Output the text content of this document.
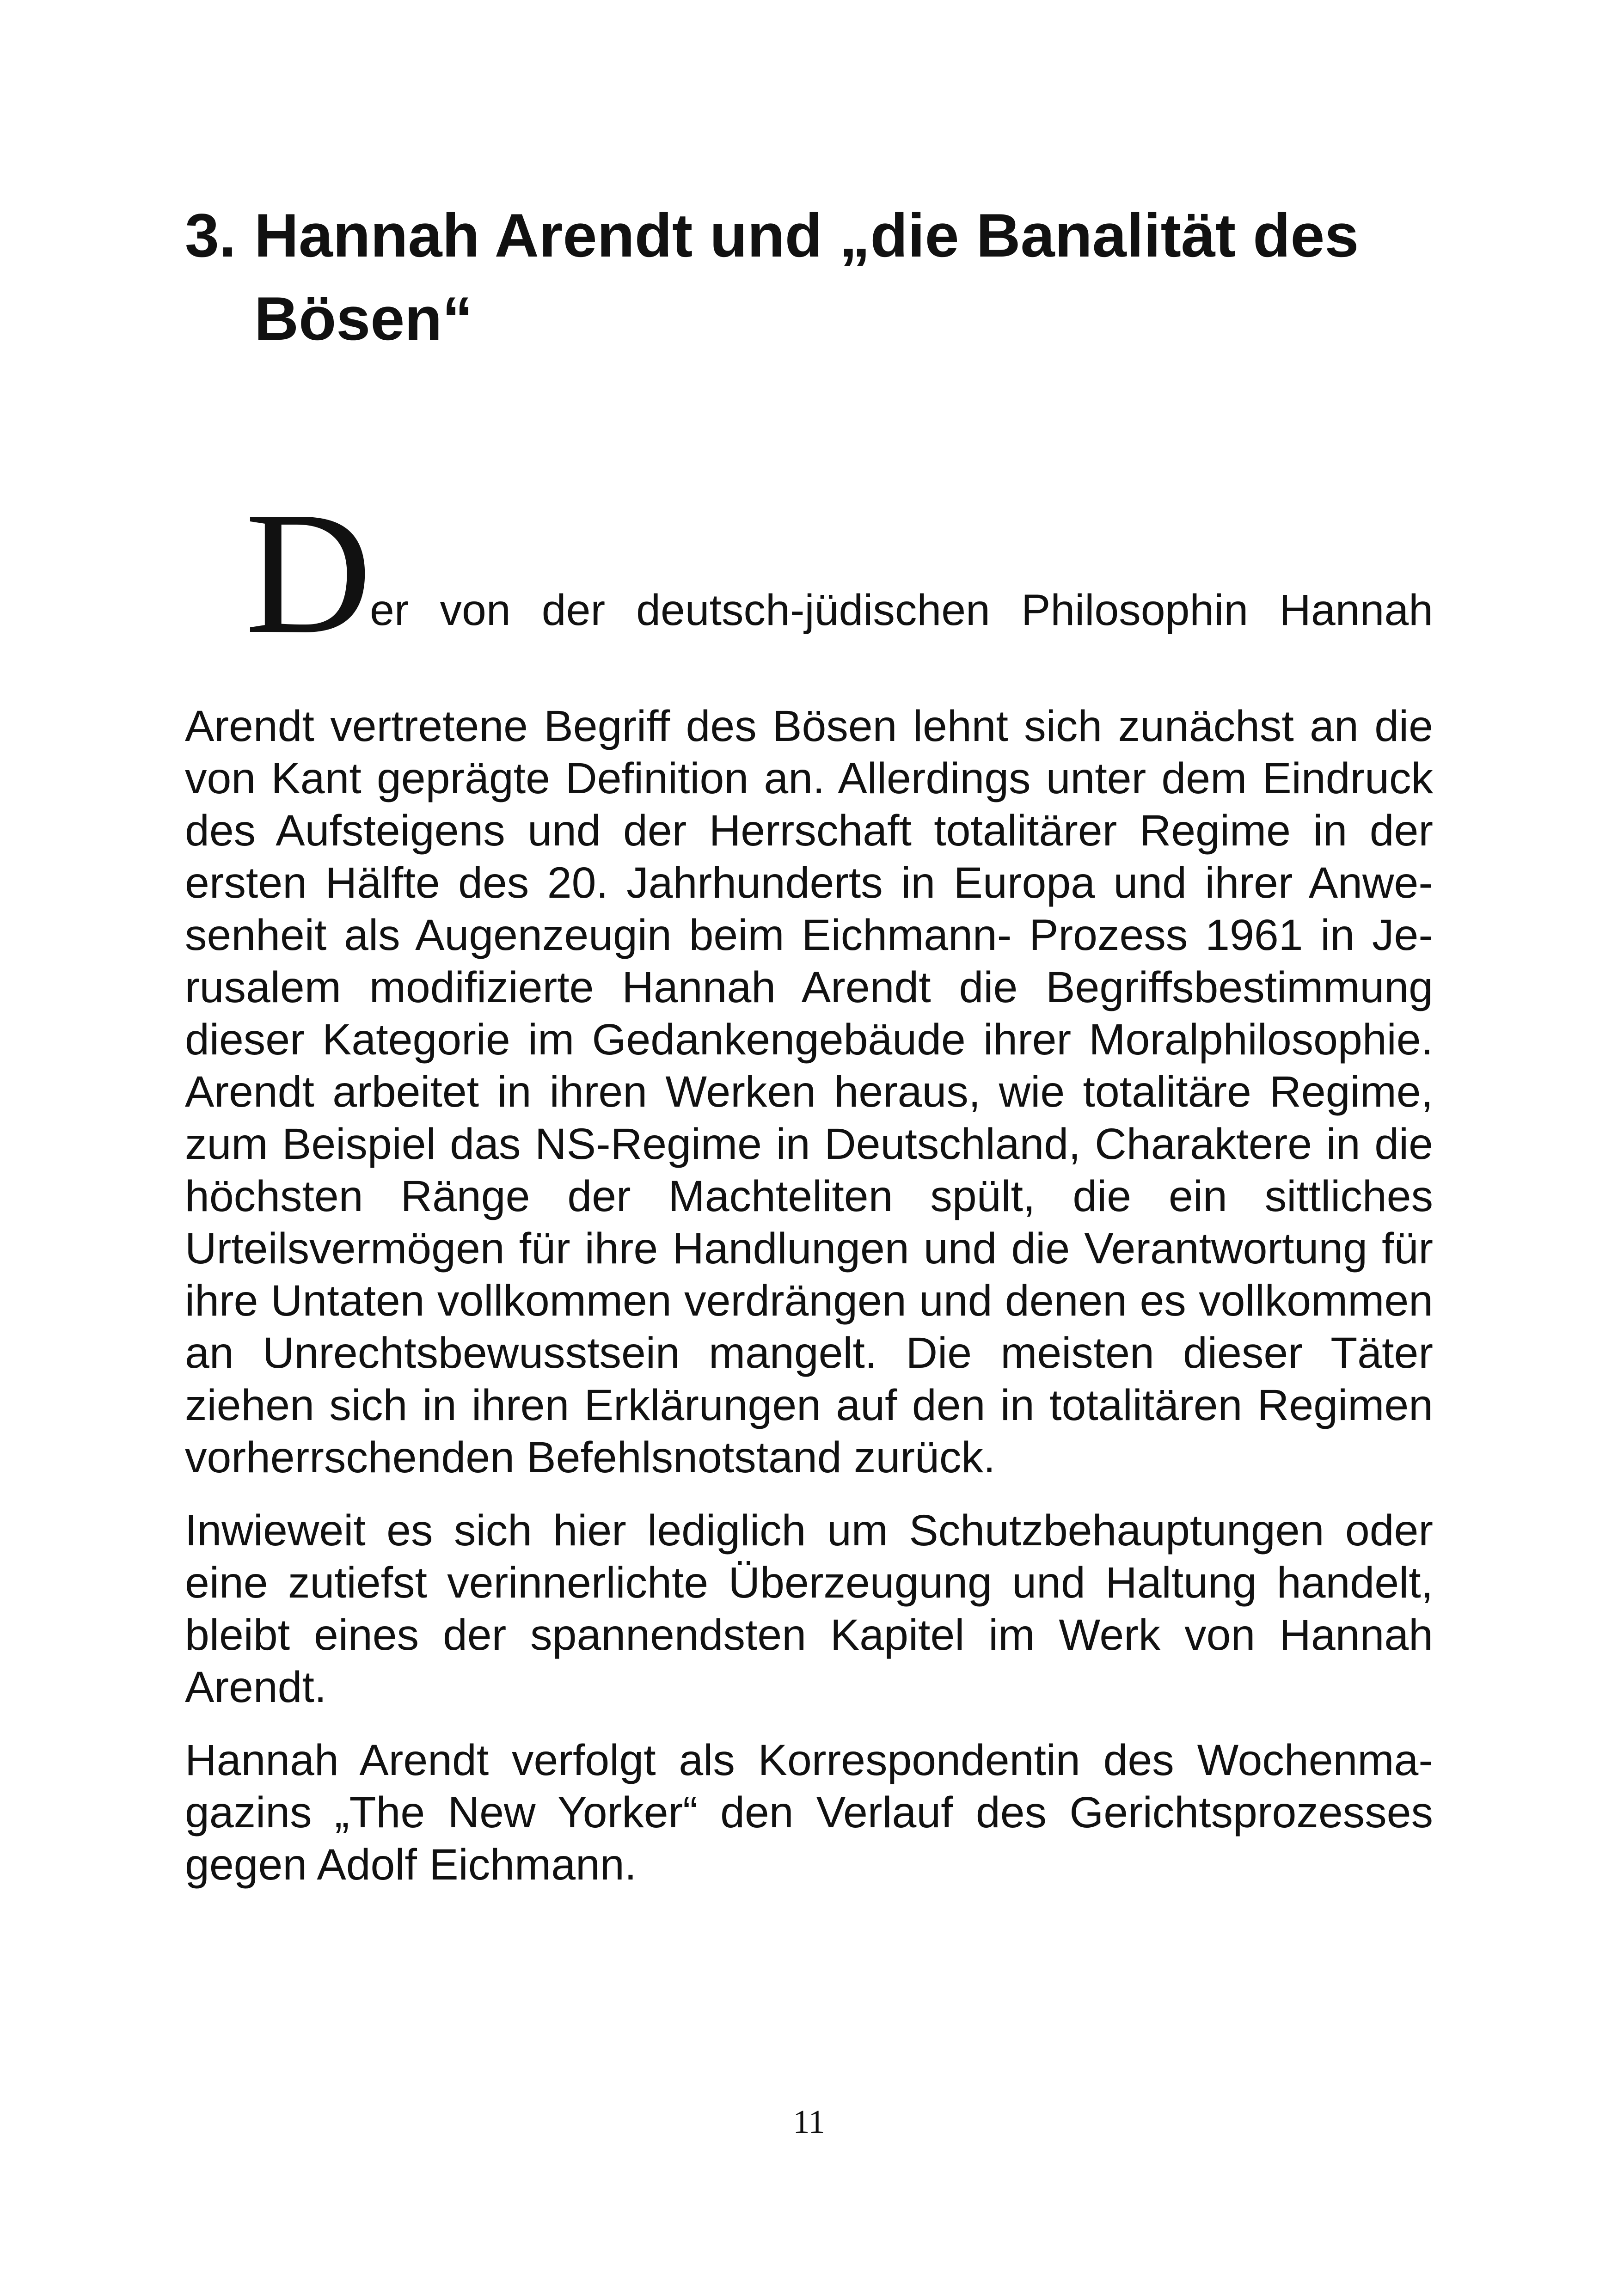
3. Hannah Arendt und „die Banalität des
Bösen“
D
er von der deutsch-jüdischen Philosophin Hannah

Arendt vertretene Begriff des Bösen lehnt sich zunächst an die von Kant geprägte Definition an. Allerdings unter dem Eindruck des Aufsteigens und der Herrschaft totalitärer Regime in der ersten Hälfte des 20. Jahrhunderts in Europa und ihrer Anwesenheit als Augenzeugin beim Eichmann- Prozess 1961 in Jerusalem modifizierte Hannah Arendt die Begriffsbestimmung dieser Kategorie im Gedankengebäude ihrer Moralphilosophie. Arendt arbeitet in ihren Werken heraus, wie totalitäre Regime, zum Beispiel das NS-Regime in Deutschland, Charaktere in die höchsten Ränge der Machteliten spült, die ein sittliches Urteilsvermögen für ihre Handlungen und die Verantwortung für ihre Untaten vollkommen verdrängen und denen es vollkommen an Unrechtsbewusstsein mangelt. Die meisten dieser Täter ziehen sich in ihren Erklärungen auf den in totalitären Regimen vorherrschenden Befehlsnotstand zurück.

Inwieweit es sich hier lediglich um Schutzbehauptungen oder eine zutiefst verinnerlichte Überzeugung und Haltung handelt, bleibt eines der spannendsten Kapitel im Werk von Hannah Arendt.

Hannah Arendt verfolgt als Korrespondentin des Wochenmagazins „The New Yorker“ den Verlauf des Gerichtsprozesses gegen Adolf Eichmann.

11
